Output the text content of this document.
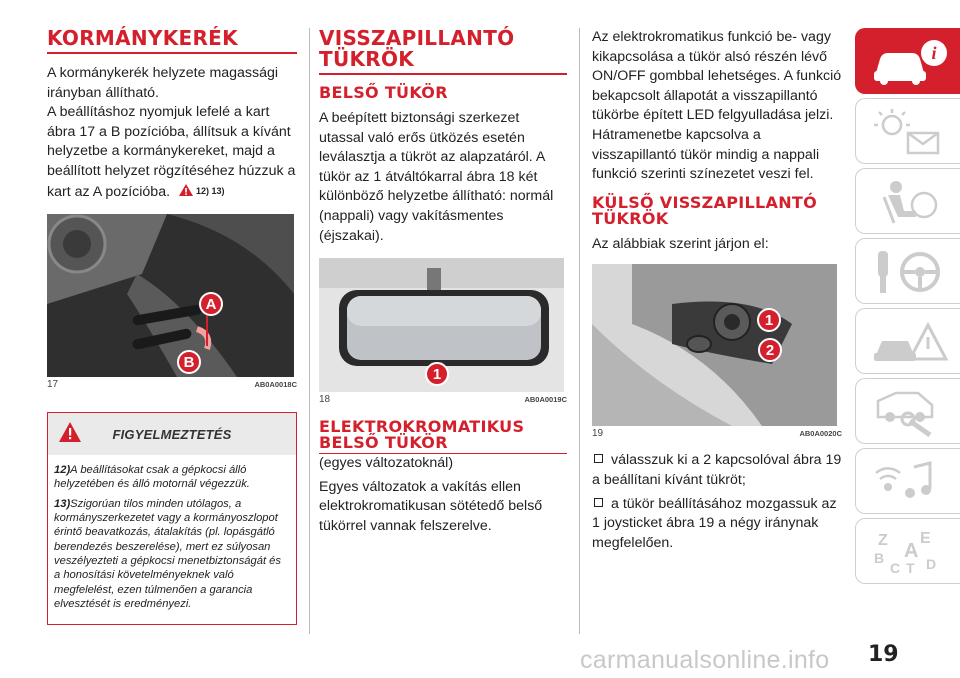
KORMÁNYKERÉK

A kormánykerék helyzete magassági irányban állítható.

A beállításhoz nyomjuk lefelé a kart ábra 17 a B pozícióba, állítsuk a kívánt helyzetbe a kormánykereket, majd a beállított helyzet rögzítéséhez húzzuk a kart az A pozícióba.	12) 13)

A
B
17	AB0A0018C
FIGYELMEZTETÉS

12)A beállításokat csak a gépkocsi álló helyzetében és álló motornál végezzük.

13)Szigorúan tilos minden utólagos, a kormányszerkezetet vagy a kormányoszlopot érintő beavatkozás, átalakítás (pl. lopásgátló berendezés beszerelése), mert ez súlyosan veszélyezteti a gépkocsi menetbiztonságát és a honosítási követelményeknek való megfelelést, ezen túlmenően a garancia elvesztését is eredményezi.

VISSZAPILLANTÓ TÜKRÖK
BELSŐ TÜKÖR

A beépített biztonsági szerkezet utassal való erős ütközés esetén leválasztja a tükröt az alapzatáról. A tükör az 1 átváltókarral ábra 18 két különböző helyzetbe állítható: normál (nappali) vagy vakításmentes (éjszakai).

1
18	AB0A0019C
ELEKTROKROMATIKUS BELSŐ TÜKÖR

(egyes változatoknál)

Egyes változatok a vakítás ellen elektrokromatikusan sötétedő belső tükörrel vannak felszerelve.

Az elektrokromatikus funkció be- vagy kikapcsolása a tükör alsó részén lévő ON/OFF gombbal lehetséges. A funkció bekapcsolt állapotát a visszapillantó tükörbe épített LED felgyulladása jelzi. Hátramenetbe kapcsolva a visszapillantó tükör mindig a nappali funkció szerinti színezetet veszi fel.

KÜLSŐ VISSZAPILLANTÓ TÜKRÖK

Az alábbiak szerint járjon el:

1
2
19	AB0A0020C

válasszuk ki a 2 kapcsolóval ábra 19 a beállítani kívánt tükröt;

a tükör beállításához mozgassuk az 1 joysticket ábra 19 a négy iránynak megfelelően.

i
Z E
A
B
C T D
carmanualsonline.info 19
